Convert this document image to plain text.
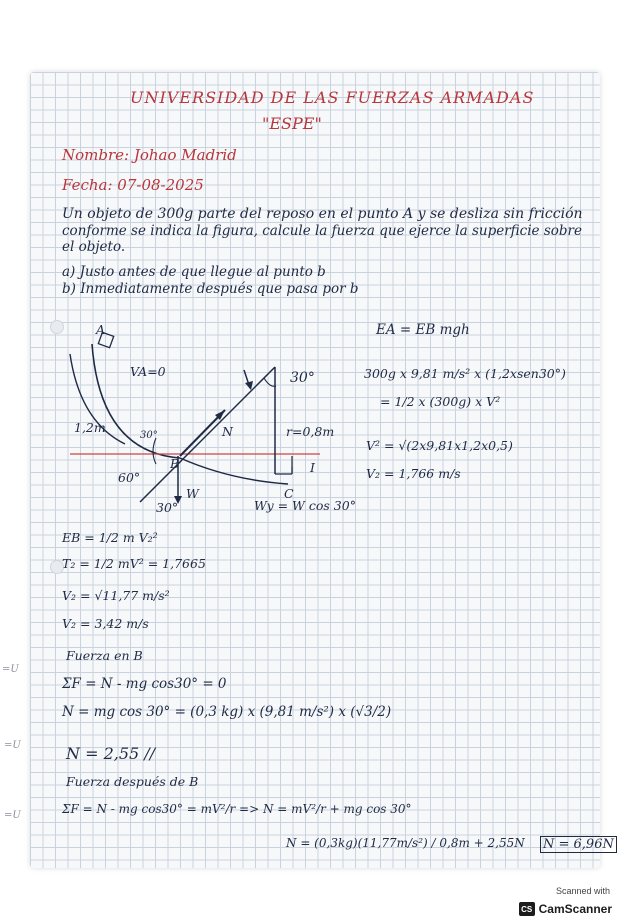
=U
=U
=U
UNIVERSIDAD DE LAS FUERZAS ARMADAS
"ESPE"
Nombre: Johao Madrid
Fecha: 07-08-2025
Un objeto de 300g parte del reposo en el punto A y se desliza sin fricción
conforme se indica la figura, calcule la fuerza que ejerce la superficie sobre
el objeto.
a) Justo antes de que llegue al punto b
b) Inmediatamente después que pasa por b
A
VA=0	30°
1,2m	N	r=0,8m
30°
I
60°
B
C
W
30°	Wy = W cos 30°
EA = EB mgh
300g x 9,81 m/s² x (1,2xsen30°)
= 1/2 x (300g) x V²
V² = √(2x9,81x1,2x0,5)
V₂ = 1,766 m/s
EB = 1/2 m V₂²
T₂ = 1/2 mV² = 1,7665
V₂ = √11,77 m/s²
V₂ = 3,42 m/s
Fuerza en B
ΣF = N - mg cos30° = 0
N = mg cos 30° = (0,3 kg) x (9,81 m/s²) x (√3/2)
N = 2,55 //
Fuerza después de B
ΣF = N - mg cos30° = mV²/r => N = mV²/r + mg cos 30°
N = (0,3kg)(11,77m/s²) / 0,8m + 2,55N N = 6,96N
Scanned with
CS CamScanner
